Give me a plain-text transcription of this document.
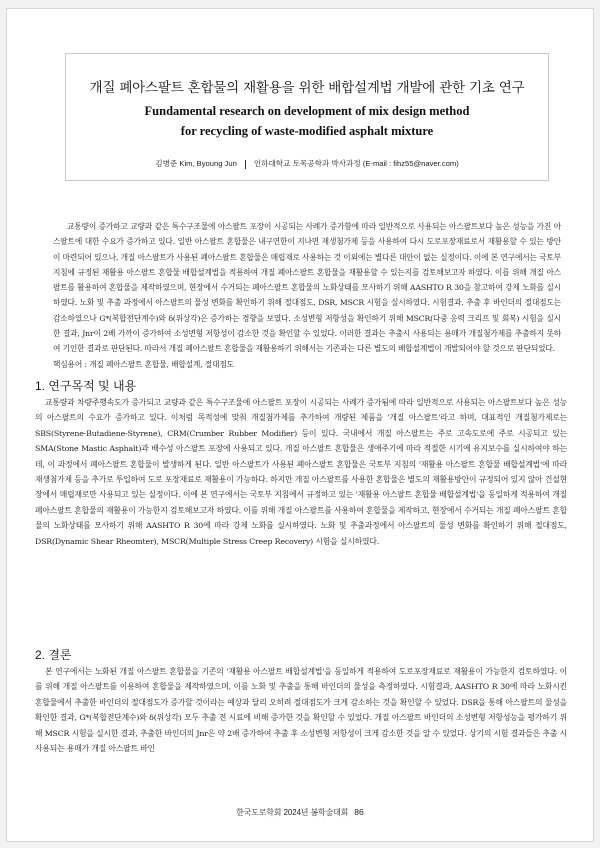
개질 폐아스팔트 혼합물의 재활용을 위한 배합설계법 개발에 관한 기초 연구
Fundamental research on development of mix design method
for recycling of waste-modified asphalt mixture
김병준 Kim, Byoung Jun 인하대학교 토목공학과 박사과정 (E-mail : fihz55@naver.com)

교통량이 증가하고 교량과 같은 특수구조물에 아스팔트 포장이 시공되는 사례가 증가함에 따라 일반적으로 사용되는 아스팔트보다 높은 성능을 가진 아스팔트에 대한 수요가 증가하고 있다. 일반 아스팔트 혼합물은 내구연한이 지나면 재생첨가제 등을 사용하여 다시 도로포장재료로서 재활용할 수 있는 방안이 마련되어 있으나, 개질 아스팔트가 사용된 폐아스팔트 혼합물은 매립재로 사용하는 것 이외에는 별다른 대안이 없는 실정이다. 이에 본 연구에서는 국토부 지침에 규정된 재활용 아스팔트 혼합물 배합설계법을 적용하여 개질 폐아스팔트 혼합물을 재활용할 수 있는지를 검토해보고자 하였다. 이를 위해 개질 아스팔트를 활용하여 혼합물을 제작하였으며, 현장에서 수거되는 폐아스팔트 혼합물의 노화상태를 모사하기 위해 AASHTO R 30을 참고하여 강제 노화를 실시하였다. 노화 및 추출 과정에서 아스팔트의 물성 변화를 확인하기 위해 절대점도, DSR, MSCR 시험을 실시하였다. 시험결과, 추출 후 바인더의 절대점도는 감소하였으나 G*(복합전단계수)와 δ(위상각)은 증가하는 경향을 보였다. 소성변형 저항성을 확인하기 위해 MSCR(다중 응력 크리프 및 회복) 시험을 실시한 결과, Jnr이 2배 가까이 증가하여 소성변형 저항성이 감소한 것을 확인할 수 있었다. 이러한 결과는 추출시 사용되는 용매가 개질첨가제를 추출하지 못하여 기인한 결과로 판단된다. 따라서 개질 폐아스팔트 혼합물을 재활용하기 위해서는 기존과는 다른 별도의 배합설계법이 개발되어야 할 것으로 판단되었다.

핵심용어 : 개질 폐아스팔트 혼합물, 배합설계, 절대점도
1. 연구목적 및 내용

교통량과 차량주행속도가 증가되고 교량과 같은 특수구조물에 아스팔트 포장이 시공되는 사례가 증가됨에 따라 일반적으로 사용되는 아스팔트보다 높은 성능의 아스팔트의 수요가 증가하고 있다. 이처럼 목적성에 맞춰 개질첨가제를 추가하여 개량된 제품을 '개질 아스팔트'라고 하며, 대표적인 개질첨가제로는 SBS(Styrene-Butadiene-Styrene), CRM(Crumber Rubber Modifier) 등이 있다. 국내에서 개질 아스팔트는 주로 고속도로에 주로 시공되고 있는 SMA(Stone Mastic Asphalt)과 배수성 아스팔트 포장에 사용되고 있다. 개질 아스팔트 혼합물은 생애주기에 따라 적절한 시기에 유지보수를 실시하여야 하는데, 이 과정에서 폐아스팔트 혼합물이 발생하게 된다. 일반 아스팔트가 사용된 폐아스팔트 혼합물은 국토부 지침의 '재활용 아스팔트 혼합물 배합설계법'에 따라 재생첨가제 등을 추가로 투입하여 도로 포장재료로 재활용이 가능하다. 하지만 개질 아스팔트를 사용한 혼합물은 별도의 재활용방안이 규정되어 있지 않아 건설현장에서 매립재로만 사용되고 있는 실정이다. 이에 본 연구에서는 국토부 지침에서 규정하고 있는 '재활용 아스팔트 혼합물 배합설계법'을 동일하게 적용하여 개질 폐아스팔트 혼합물의 재활용이 가능한지 검토해보고자 하였다. 이를 위해 개질 아스팔트를 사용하여 혼합물을 제작하고, 현장에서 수거되는 개질 폐아스팔트 혼합물의 노화상태를 모사하기 위해 AASHTO R 30에 따라 강제 노화를 실시하였다. 노화 및 추출과정에서 아스팔트의 물성 변화를 확인하기 위해 절대점도, DSR(Dynamic Shear Rheomter), MSCR(Multiple Stress Creep Recovery) 시험을 실시하였다.

2. 결론

본 연구에서는 노화된 개질 아스팔트 혼합물을 기존의 '재활용 아스팔트 배합설계법'을 동일하게 적용하여 도로포장재료로 재활용이 가능한지 검토하였다. 이를 위해 개질 아스팔트를 이용하여 혼합물을 제작하였으며, 이를 노화 및 추출을 통해 바인더의 물성을 측정하였다. 시험결과, AASHTO R 30에 따라 노화시킨 혼합물에서 추출한 바인더의 절대점도가 증가할 것이라는 예상과 달리 오히려 절대점도가 크게 감소하는 것을 확인할 수 있었다. DSR을 통해 아스팔트의 물성을 확인한 결과, G*(복합전단계수)와 δ(위상각) 모두 추출 전 시료에 비해 증가한 것을 확인할 수 있었다. 개질 아스팔트 바인더의 소성변형 저항성능을 평가하기 위해 MSCR 시험을 실시한 결과, 추출한 바인더의 Jnr은 약 2배 증가하여 추출 후 소성변형 저항성이 크게 감소한 것을 알 수 있었다. 상기의 시험 결과들은 추출 시 사용되는 용매가 개질 아스팔트 바인

한국도로학회 2024년 봄학술대회 86
